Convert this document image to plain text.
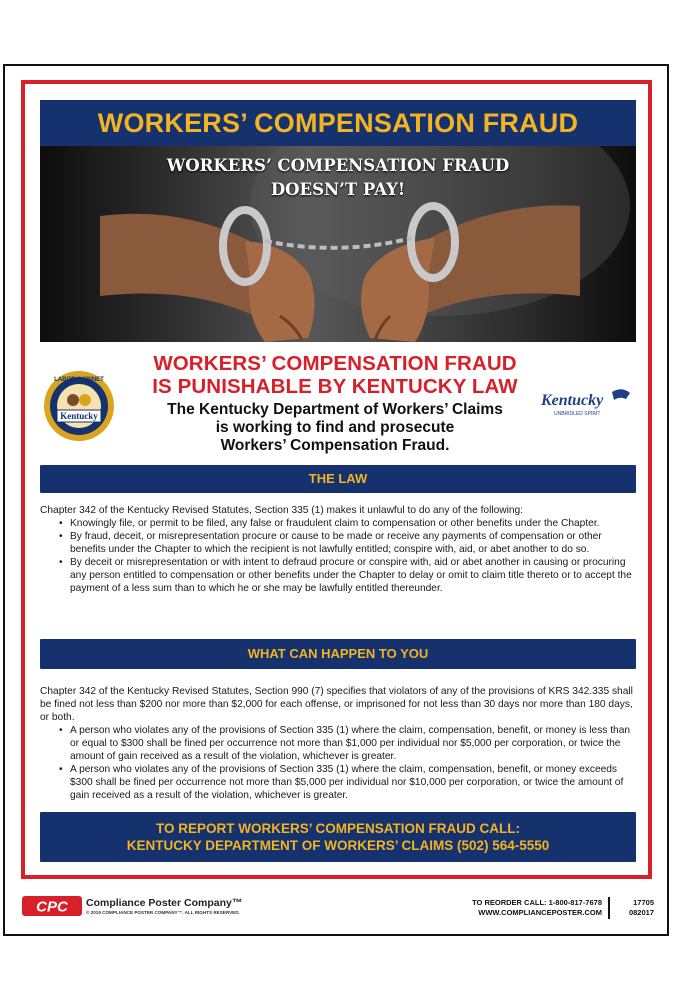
WORKERS’ COMPENSATION FRAUD
WORKERS’ COMPENSATION FRAUD
DOESN’T PAY!
Kentucky
LABOR CABINET
WORKERS’ COMPENSATION FRAUD
IS PUNISHABLE BY KENTUCKY LAW
The Kentucky Department of Workers’ Claims
is working to find and prosecute
Workers’ Compensation Fraud.
Kentucky
UNBRIDLED SPIRIT
THE LAW
Chapter 342 of the Kentucky Revised Statutes, Section 335 (1) makes it unlawful to do any of the following:
• Knowingly file, or permit to be filed, any false or fraudulent claim to compensation or other benefits under the Chapter.
• By fraud, deceit, or misrepresentation procure or cause to be made or receive any payments of compensation or other benefits under the Chapter to which the recipient is not lawfully entitled; conspire with, aid, or abet another to do so.
• By deceit or misrepresentation or with intent to defraud procure or conspire with, aid or abet another in causing or procuring any person entitled to compensation or other benefits under the Chapter to delay or omit to claim title thereto or to accept the payment of a less sum than to which he or she may be lawfully entitled thereunder.
WHAT CAN HAPPEN TO YOU
Chapter 342 of the Kentucky Revised Statutes, Section 990 (7) specifies that violators of any of the provisions of KRS 342.335 shall be fined not less than $200 nor more than $2,000 for each offense, or imprisoned for not less than 30 days nor more than 180 days, or both.
• A person who violates any of the provisions of Section 335 (1) where the claim, compensation, benefit, or money is less than or equal to $300 shall be fined per occurrence not more than $1,000 per individual nor $5,000 per corporation, or twice the amount of gain received as a result of the violation, whichever is greater.
• A person who violates any of the provisions of Section 335 (1) where the claim, compensation, benefit, or money exceeds $300 shall be fined per occurrence not more than $5,000 per individual nor $10,000 per corporation, or twice the amount of gain received as a result of the violation, whichever is greater.
TO REPORT WORKERS’ COMPENSATION FRAUD CALL:
KENTUCKY DEPARTMENT OF WORKERS’ CLAIMS (502) 564-5550
CPC Compliance Poster Company™
© 2019 COMPLIANCE POSTER COMPANY™. ALL RIGHTS RESERVED.
TO REORDER CALL: 1-800-817-7678
WWW.COMPLIANCEPOSTER.COM
17705
082017
